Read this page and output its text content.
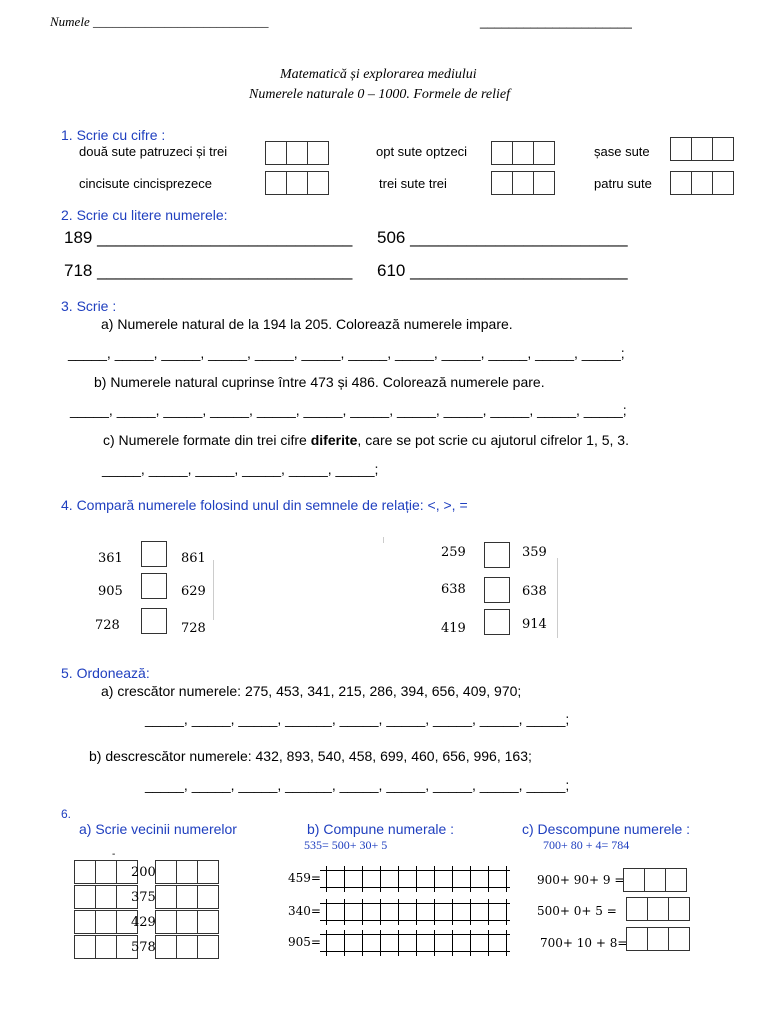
Numele ___________________________	_____________________
Matematică și explorarea mediului
Numerele naturale 0 – 1000. Formele de relief
1. Scrie cu cifre :
două sute patruzeci și trei	opt sute optzeci	șase sute
cincisute cincisprezece	trei sute trei	patru sute
2. Scrie cu litere numerele:
189 ___________________________ 506 _______________________
718 ___________________________ 610 _______________________
3. Scrie :
a) Numerele natural de la 194 la 205. Colorează numerele impare.
_____, _____, _____, _____, _____, _____, _____, _____, _____, _____, _____, _____;
b) Numerele natural cuprinse între 473 și 486. Colorează numerele pare.
_____, _____, _____, _____, _____, _____, _____, _____, _____, _____, _____, _____;
c) Numerele formate din trei cifre diferite, care se pot scrie cu ajutorul cifrelor 1, 5, 3.
_____, _____, _____, _____, _____, _____;
4. Compară numerele folosind unul din semnele de relație: <, >, =
361	861
905	629
728	728
259	359
638	638
419	914
5. Ordonează:
a) crescător numerele: 275, 453, 341, 215, 286, 394, 656, 409, 970;
_____, _____, _____, ______, _____, _____, _____, _____, _____;
b) descrescător numerele: 432, 893, 540, 458, 699, 460, 656, 996, 163;
_____, _____, _____, ______, _____, _____, _____, _____, _____;
6.
a) Scrie vecinii numerelor	b) Compune numerale :
535= 500+ 30+ 5
c) Descompune numerele :
700+ 80 + 4= 784
-
200
375
429
578
459=
340=
905=
900+ 90+ 9 =
500+ 0+ 5 =
700+ 10 + 8=
